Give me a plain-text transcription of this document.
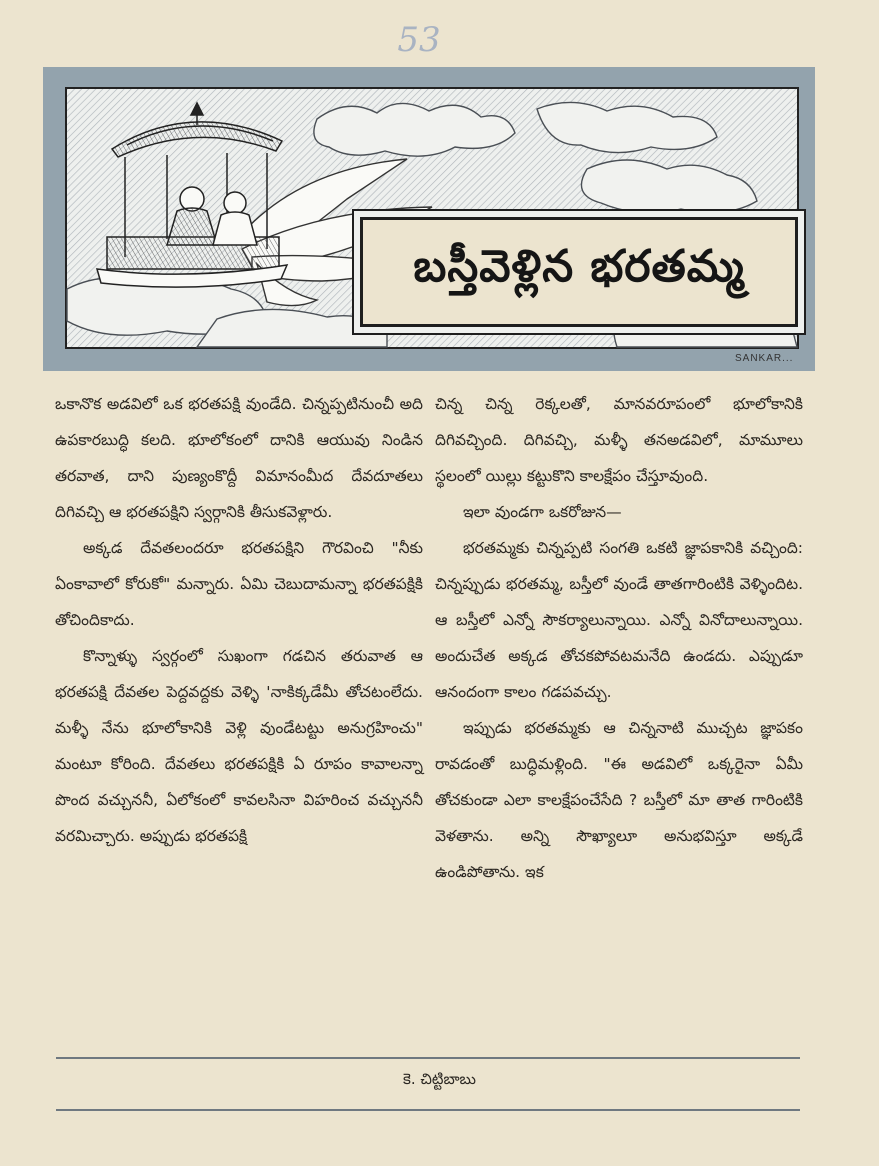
53
బస్తీవెళ్లిన భరతమ్మ
SANKAR...

ఒకానొక అడవిలో ఒక భరతపక్షి వుండేది. చిన్నప్పటినుంచీ అది ఉపకారబుద్ధి కలది. భూలోకంలో దానికి ఆయువు నిండిన తరవాత, దాని పుణ్యంకొద్దీ విమానంమీద దేవదూతలు దిగివచ్చి ఆ భరతపక్షిని స్వర్గానికి తీసుకవెళ్లారు.

అక్కడ దేవతలందరూ భరతపక్షిని గౌరవించి "నీకు ఏంకావాలో కోరుకో" మన్నారు. ఏమి చెబుదామన్నా భరతపక్షికి తోచిందికాదు.

కొన్నాళ్ళు స్వర్గంలో సుఖంగా గడచిన తరువాత ఆ భరతపక్షి దేవతల పెద్దవద్దకు వెళ్ళి 'నాకిక్కడేమీ తోచటంలేదు. మళ్ళీ నేను భూలోకానికి వెళ్లి వుండేటట్టు అనుగ్రహించు" మంటూ కోరింది. దేవతలు భరతపక్షికి ఏ రూపం కావాలన్నా పొంద వచ్చుననీ, ఏలోకంలో కావలసినా విహరించ వచ్చుననీ వరమిచ్చారు. అప్పుడు భరతపక్షి

చిన్న చిన్న రెక్కలతో, మానవరూపంలో భూలోకానికి దిగివచ్చింది. దిగివచ్చి, మళ్ళీ తనఅడవిలో, మామూలు స్థలంలో యిల్లు కట్టుకొని కాలక్షేపం చేస్తూవుంది.

ఇలా వుండగా ఒకరోజున—

భరతమ్మకు చిన్నప్పటి సంగతి ఒకటి జ్ఞాపకానికి వచ్చింది: చిన్నప్పుడు భరతమ్మ, బస్తీలో వుండే తాతగారింటికి వెళ్ళిందిట. ఆ బస్తీలో ఎన్నో సౌకర్యాలున్నాయి. ఎన్నో వినోదాలున్నాయి. అందుచేత అక్కడ తోచకపోవటమనేది ఉండదు. ఎప్పుడూ ఆనందంగా కాలం గడపవచ్చు.

ఇప్పుడు భరతమ్మకు ఆ చిన్ననాటి ముచ్చట జ్ఞాపకం రావడంతో బుద్ధిమళ్లింది. "ఈ అడవిలో ఒక్కరైనా ఏమీ తోచకుండా ఎలా కాలక్షేపంచేసేది ? బస్తీలో మా తాత గారింటికి వెళతాను. అన్ని సౌఖ్యాలూ అనుభవిస్తూ అక్కడే ఉండిపోతాను. ఇక

కె. చిట్టిబాబు
